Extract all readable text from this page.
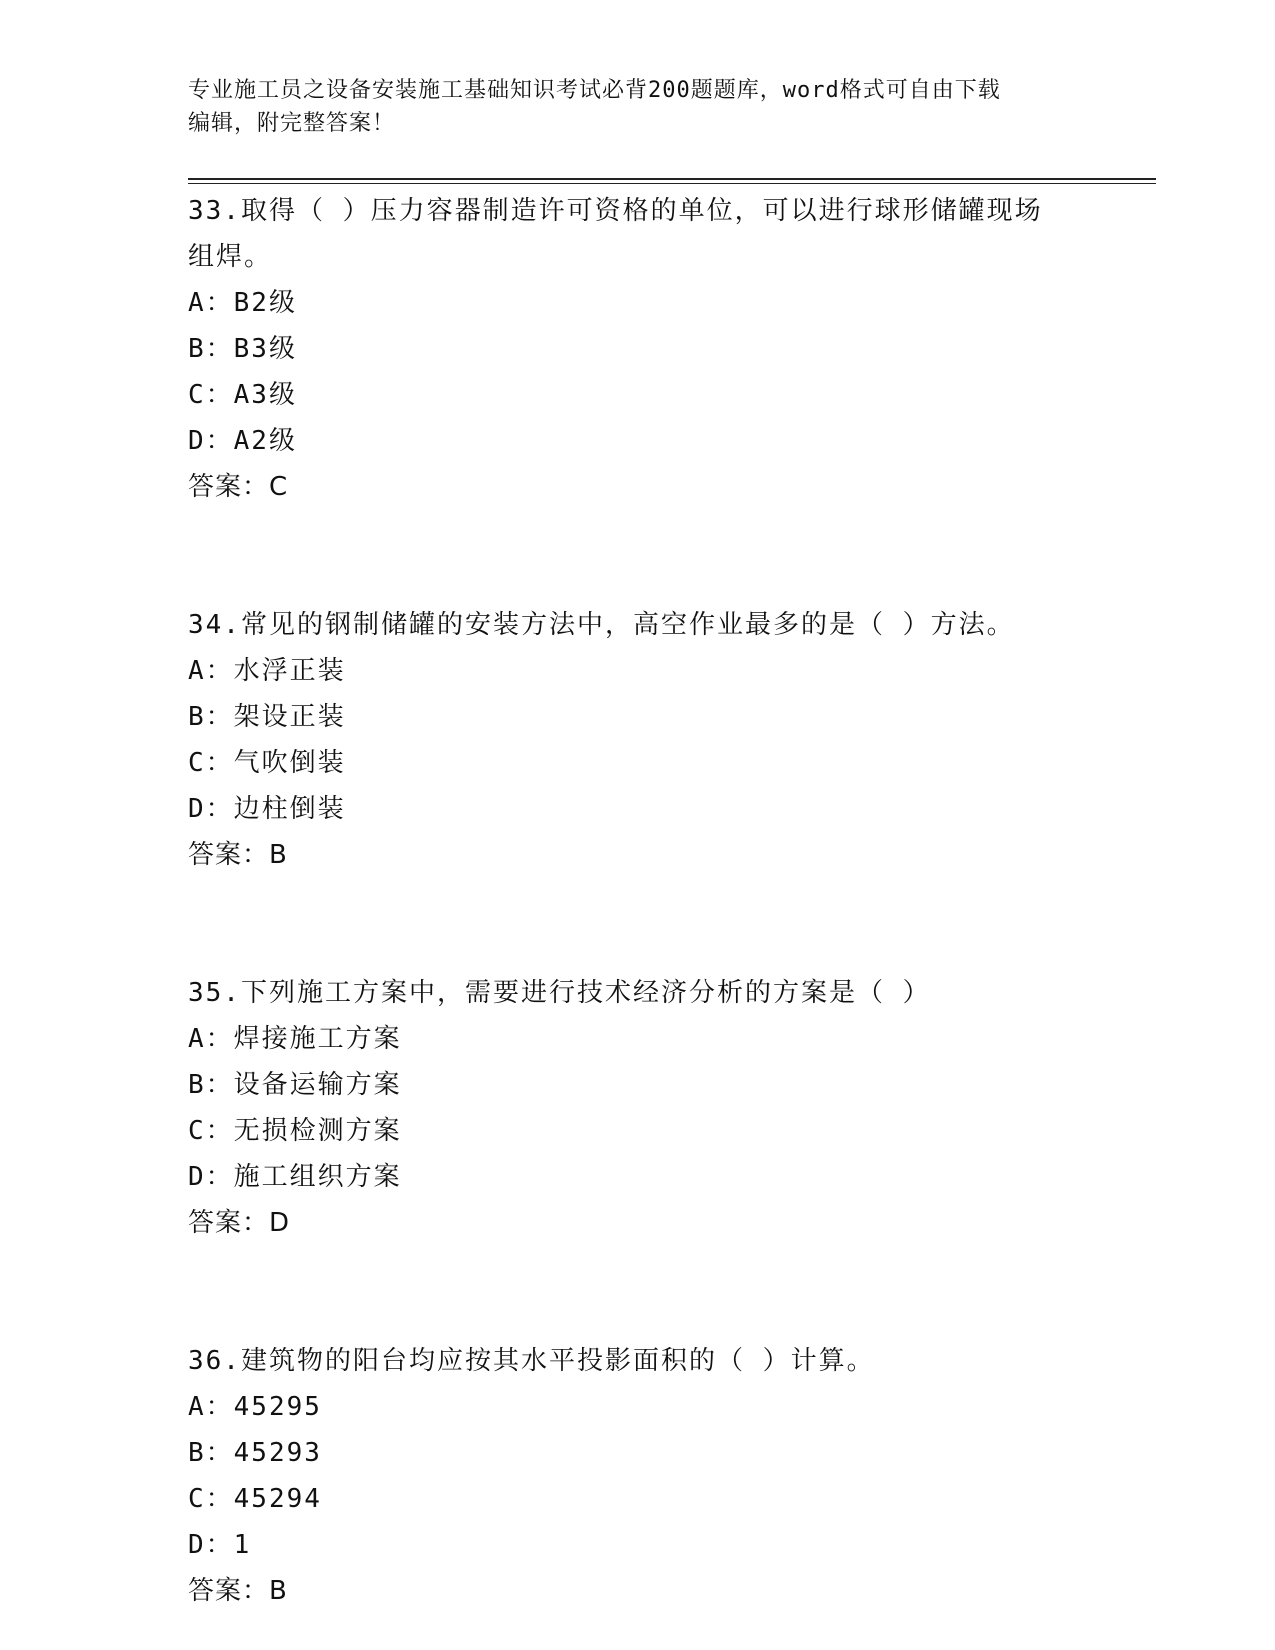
专业施工员之设备安装施工基础知识考试必背200题题库，word格式可自由下载
编辑，附完整答案！
33.取得（ ）压力容器制造许可资格的单位，可以进行球形储罐现场
组焊。
A：B2级
B：B3级
C：A3级
D：A2级
答案：C
34.常见的钢制储罐的安装方法中，高空作业最多的是（ ）方法。
A：水浮正装
B：架设正装
C：气吹倒装
D：边柱倒装
答案：B
35.下列施工方案中，需要进行技术经济分析的方案是（ ）
A：焊接施工方案
B：设备运输方案
C：无损检测方案
D：施工组织方案
答案：D
36.建筑物的阳台均应按其水平投影面积的（ ）计算。
A：45295
B：45293
C：45294
D：1
答案：B
